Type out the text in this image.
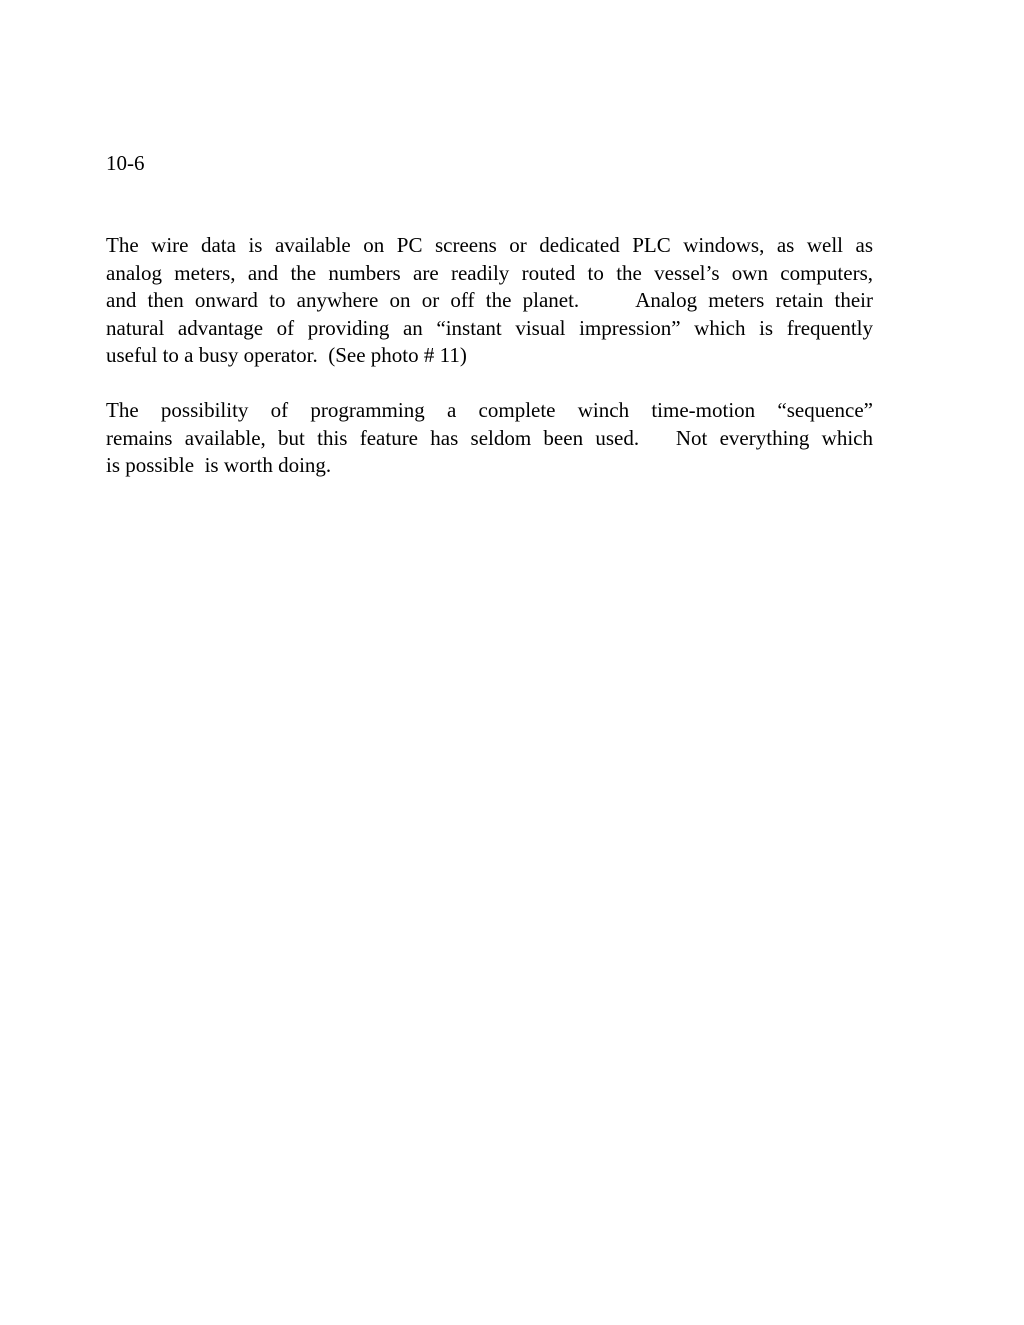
10-6

The wire data is available on PC screens or dedicated PLC windows, as well as
analog meters, and the numbers are readily routed to the vessel’s own computers,
and then onward to anywhere on or off the planet.     Analog meters retain their
natural advantage of providing an “instant visual impression” which is frequently
useful to a busy operator.  (See photo # 11)
The possibility of programming a complete winch time-motion “sequence”
remains available, but this feature has seldom been used.   Not everything which
is possible  is worth doing.
